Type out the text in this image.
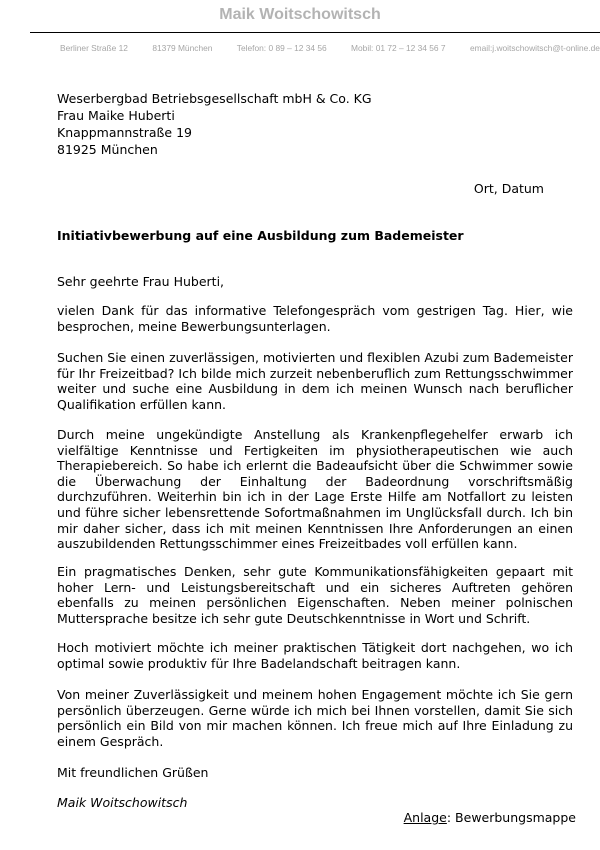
Maik Woitschowitsch
Berliner Straße 12	81379 München	Telefon: 0 89 – 12 34 56	Mobil: 01 72 – 12 34 56 7	email:j.woitschowitsch@t-online.de
Weserbergbad Betriebsgesellschaft mbH & Co. KG
Frau Maike Huberti
Knappmannstraße 19
81925 München
Ort, Datum
Initiativbewerbung auf eine Ausbildung zum Bademeister
Sehr geehrte Frau Huberti,
vielen Dank für das informative Telefongespräch vom gestrigen Tag. Hier, wie besprochen, meine Bewerbungsunterlagen.
Suchen Sie einen zuverlässigen, motivierten und flexiblen Azubi zum Bademeister für Ihr Freizeitbad? Ich bilde mich zurzeit nebenberuflich zum Rettungsschwimmer weiter und suche eine Ausbildung in dem ich meinen Wunsch nach beruflicher Qualifikation erfüllen kann.
Durch meine ungekündigte Anstellung als Krankenpflegehelfer erwarb ich vielfältige Kenntnisse und Fertigkeiten im physiotherapeutischen wie auch Therapiebereich. So habe ich erlernt die Badeaufsicht über die Schwimmer sowie die Überwachung der Einhaltung der Badeordnung vorschriftsmäßig durchzuführen. Weiterhin bin ich in der Lage Erste Hilfe am Notfallort zu leisten und führe sicher lebensrettende Sofortmaßnahmen im Unglücksfall durch. Ich bin mir daher sicher, dass ich mit meinen Kenntnissen Ihre Anforderungen an einen auszubildenden Rettungsschimmer eines Freizeitbades voll erfüllen kann.
Ein pragmatisches Denken, sehr gute Kommunikationsfähigkeiten gepaart mit hoher Lern- und Leistungsbereitschaft und ein sicheres Auftreten gehören ebenfalls zu meinen persönlichen Eigenschaften. Neben meiner polnischen Muttersprache besitze ich sehr gute Deutschkenntnisse in Wort und Schrift.
Hoch motiviert möchte ich meiner praktischen Tätigkeit dort nachgehen, wo ich optimal sowie produktiv für Ihre Badelandschaft beitragen kann.
Von meiner Zuverlässigkeit und meinem hohen Engagement möchte ich Sie gern persönlich überzeugen. Gerne würde ich mich bei Ihnen vorstellen, damit Sie sich persönlich ein Bild von mir machen können. Ich freue mich auf Ihre Einladung zu einem Gespräch.
Mit freundlichen Grüßen
Maik Woitschowitsch
Anlage: Bewerbungsmappe
